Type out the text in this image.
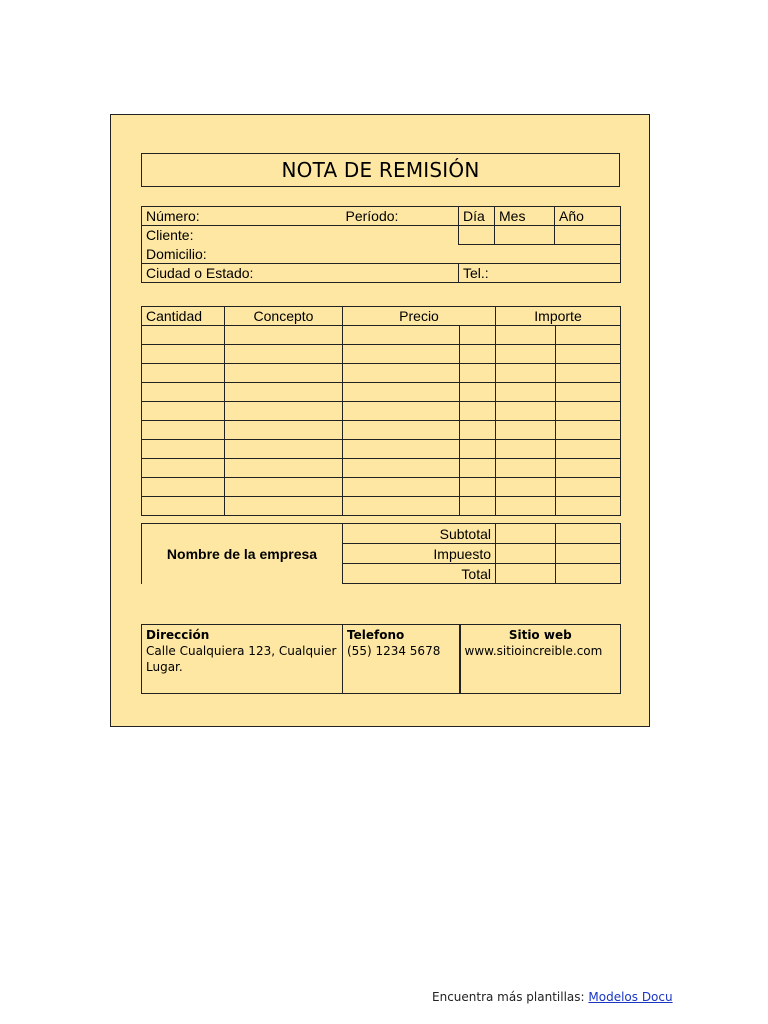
NOTA DE REMISIÓN
Número:	Período:	Día	Mes	Año
Cliente:				
Domicilio:				
Ciudad o Estado:		Tel.:		
Cantidad	Concepto	Precio		Importe	

Nombre de la empresa	Subtotal		
	Impuesto		
	Total		
Dirección
Calle Cualquiera 123, Cualquier Lugar.	
Telefono
(55) 1234 5678	
Sitio web
www.sitioincreible.com
Encuentra más plantillas: Modelos Docu
